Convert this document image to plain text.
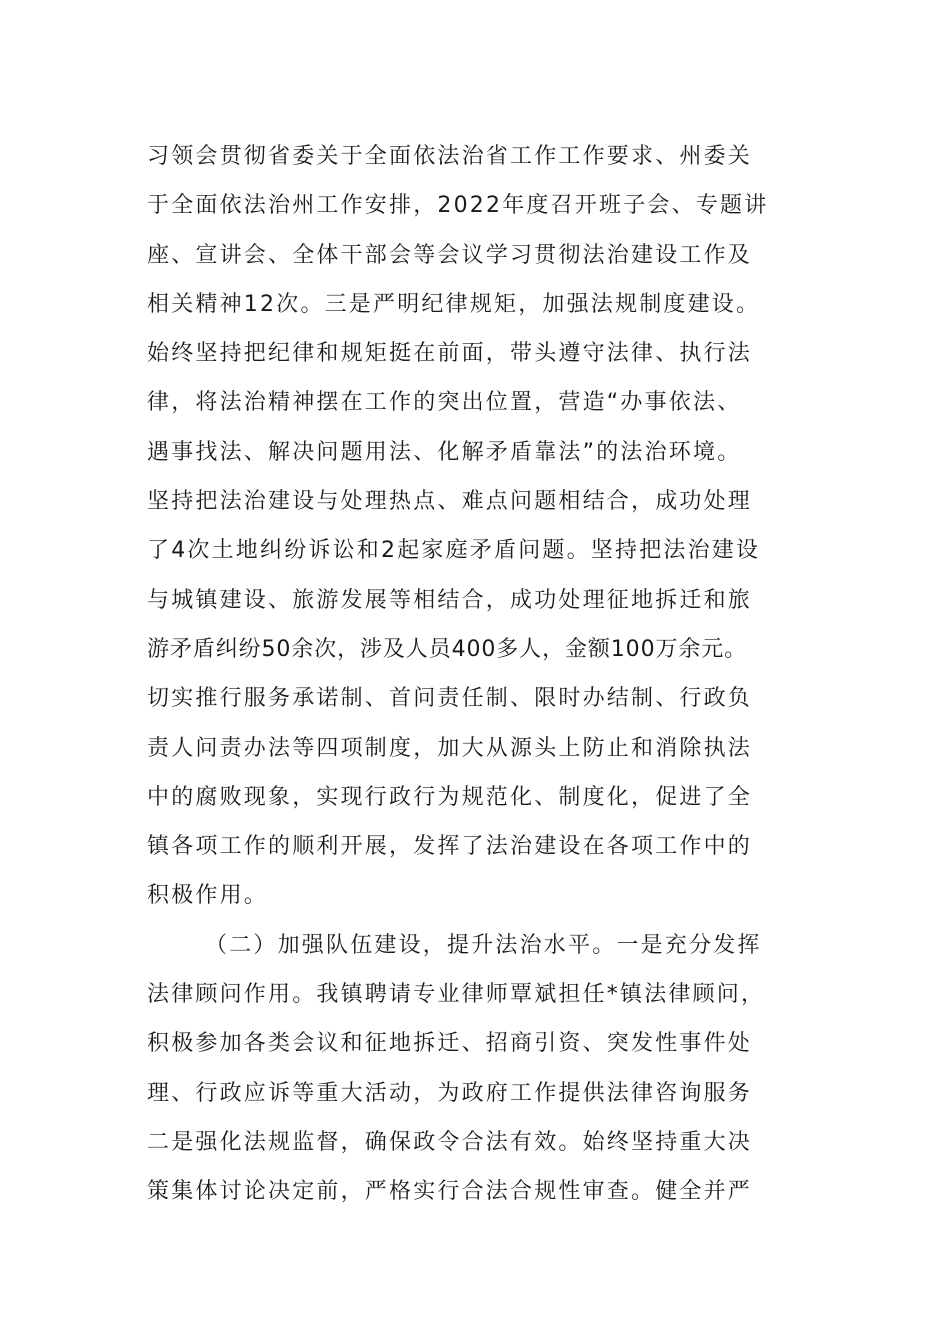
习领会贯彻省委关于全面依法治省工作工作要求、州委关
于全面依法治州工作安排，2022年度召开班子会、专题讲
座、宣讲会、全体干部会等会议学习贯彻法治建设工作及
相关精神12次。三是严明纪律规矩，加强法规制度建设。
始终坚持把纪律和规矩挺在前面，带头遵守法律、执行法
律，将法治精神摆在工作的突出位置，营造“办事依法、
遇事找法、解决问题用法、化解矛盾靠法”的法治环境。
坚持把法治建设与处理热点、难点问题相结合，成功处理
了4次土地纠纷诉讼和2起家庭矛盾问题。坚持把法治建设
与城镇建设、旅游发展等相结合，成功处理征地拆迁和旅
游矛盾纠纷50余次，涉及人员400多人，金额100万余元。
切实推行服务承诺制、首问责任制、限时办结制、行政负
责人问责办法等四项制度，加大从源头上防止和消除执法
中的腐败现象，实现行政行为规范化、制度化，促进了全
镇各项工作的顺利开展，发挥了法治建设在各项工作中的
积极作用。
（二）加强队伍建设，提升法治水平。一是充分发挥
法律顾问作用。我镇聘请专业律师覃斌担任*镇法律顾问，
积极参加各类会议和征地拆迁、招商引资、突发性事件处
理、行政应诉等重大活动，为政府工作提供法律咨询服务
二是强化法规监督，确保政令合法有效。始终坚持重大决
策集体讨论决定前，严格实行合法合规性审查。健全并严
